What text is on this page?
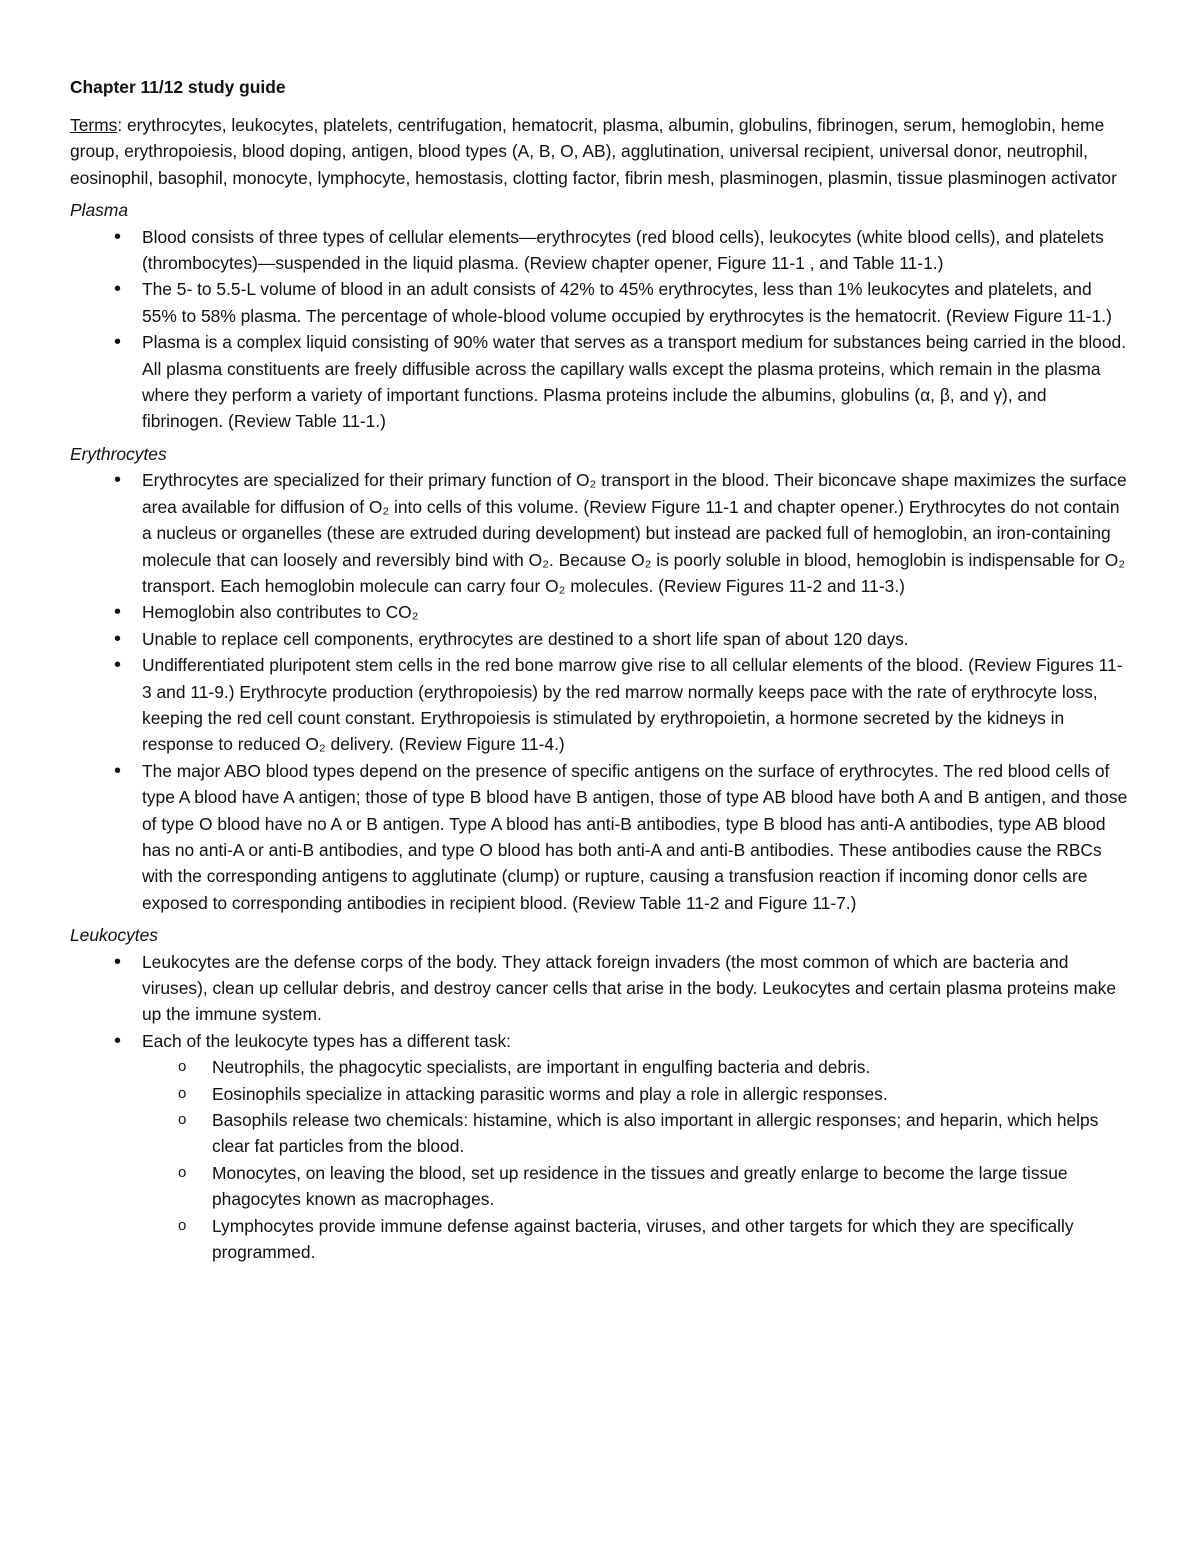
Chapter 11/12 study guide

Terms: erythrocytes, leukocytes, platelets, centrifugation, hematocrit, plasma, albumin, globulins, fibrinogen, serum, hemoglobin, heme group, erythropoiesis, blood doping, antigen, blood types (A, B, O, AB), agglutination, universal recipient, universal donor, neutrophil, eosinophil, basophil, monocyte, lymphocyte, hemostasis, clotting factor, fibrin mesh, plasminogen, plasmin, tissue plasminogen activator

Plasma
• Blood consists of three types of cellular elements—erythrocytes (red blood cells), leukocytes (white blood cells), and platelets (thrombocytes)—suspended in the liquid plasma. (Review chapter opener, Figure 11-1 , and Table 11-1.)
• The 5- to 5.5-L volume of blood in an adult consists of 42% to 45% erythrocytes, less than 1% leukocytes and platelets, and 55% to 58% plasma. The percentage of whole-blood volume occupied by erythrocytes is the hematocrit. (Review Figure 11-1.)
• Plasma is a complex liquid consisting of 90% water that serves as a transport medium for substances being carried in the blood. All plasma constituents are freely diffusible across the capillary walls except the plasma proteins, which remain in the plasma where they perform a variety of important functions. Plasma proteins include the albumins, globulins (α, β, and γ), and fibrinogen. (Review Table 11-1.)
Erythrocytes
• Erythrocytes are specialized for their primary function of O₂ transport in the blood. Their biconcave shape maximizes the surface area available for diffusion of O₂ into cells of this volume. (Review Figure 11-1 and chapter opener.) Erythrocytes do not contain a nucleus or organelles (these are extruded during development) but instead are packed full of hemoglobin, an iron-containing molecule that can loosely and reversibly bind with O₂. Because O₂ is poorly soluble in blood, hemoglobin is indispensable for O₂ transport. Each hemoglobin molecule can carry four O₂ molecules. (Review Figures 11-2 and 11-3.)
• Hemoglobin also contributes to CO₂
• Unable to replace cell components, erythrocytes are destined to a short life span of about 120 days.
• Undifferentiated pluripotent stem cells in the red bone marrow give rise to all cellular elements of the blood. (Review Figures 11-3 and 11-9.) Erythrocyte production (erythropoiesis) by the red marrow normally keeps pace with the rate of erythrocyte loss, keeping the red cell count constant. Erythropoiesis is stimulated by erythropoietin, a hormone secreted by the kidneys in response to reduced O₂ delivery. (Review Figure 11-4.)
• The major ABO blood types depend on the presence of specific antigens on the surface of erythrocytes. The red blood cells of type A blood have A antigen; those of type B blood have B antigen, those of type AB blood have both A and B antigen, and those of type O blood have no A or B antigen. Type A blood has anti-B antibodies, type B blood has anti-A antibodies, type AB blood has no anti-A or anti-B antibodies, and type O blood has both anti-A and anti-B antibodies. These antibodies cause the RBCs with the corresponding antigens to agglutinate (clump) or rupture, causing a transfusion reaction if incoming donor cells are exposed to corresponding antibodies in recipient blood. (Review Table 11-2 and Figure 11-7.)
Leukocytes
• Leukocytes are the defense corps of the body. They attack foreign invaders (the most common of which are bacteria and viruses), clean up cellular debris, and destroy cancer cells that arise in the body. Leukocytes and certain plasma proteins make up the immune system.
• Each of the leukocyte types has a different task:
o Neutrophils, the phagocytic specialists, are important in engulfing bacteria and debris.
o Eosinophils specialize in attacking parasitic worms and play a role in allergic responses.
o Basophils release two chemicals: histamine, which is also important in allergic responses; and heparin, which helps clear fat particles from the blood.
o Monocytes, on leaving the blood, set up residence in the tissues and greatly enlarge to become the large tissue phagocytes known as macrophages.
o Lymphocytes provide immune defense against bacteria, viruses, and other targets for which they are specifically programmed.
